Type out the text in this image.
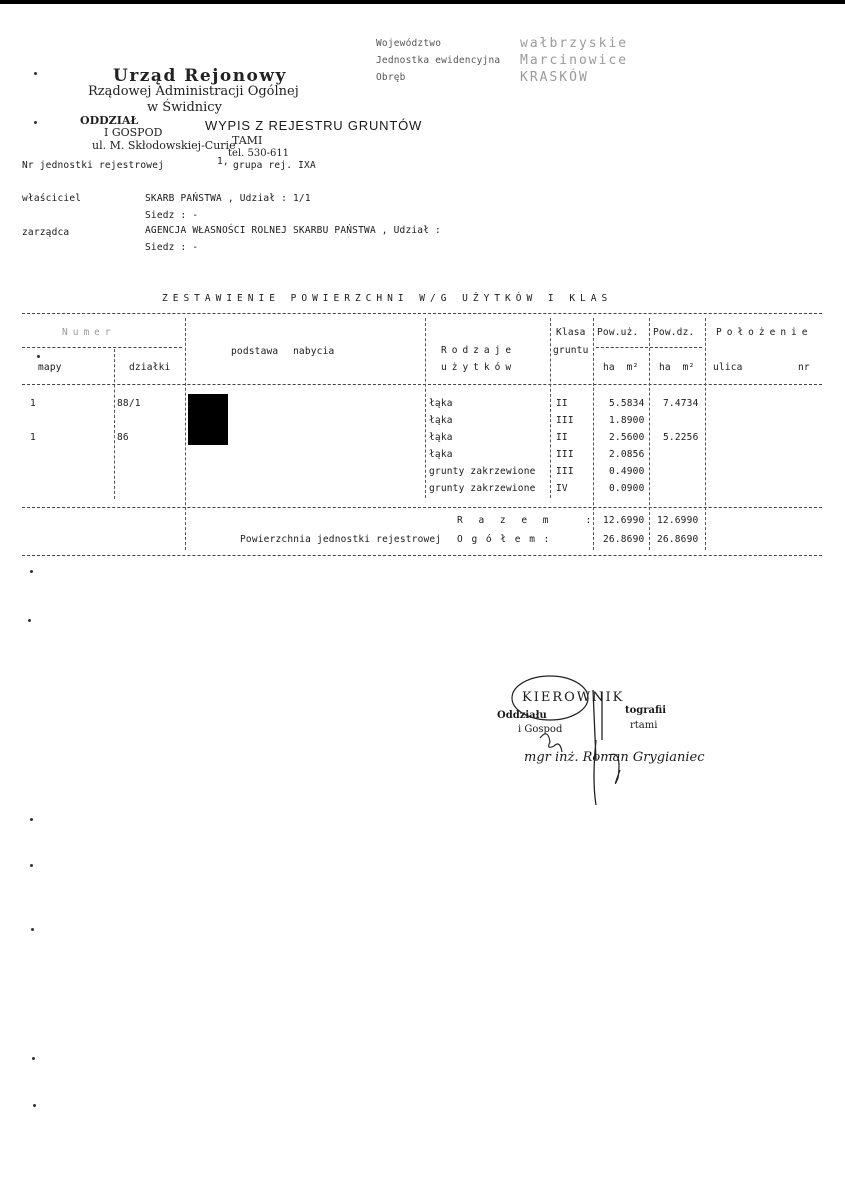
Województwo	wałbrzyskie
Jednostka ewidencyjna Marcinowice
Obręb	KRASKÓW
Urząd Rejonowy
Rządowej Administracji Ogólnej
w Świdnicy
ODDZIAŁ
I GOSPOD
TAMI
ul. M. Skłodowskiej-Curie
tel. 530-611
WYPIS Z REJESTRU GRUNTÓW
Nr jednostki rejestrowej	1, grupa rej. IXA
właściciel	SKARB PAŃSTWA , Udział : 1/1
Siedz : -
zarządca	AGENCJA WŁASNOŚCI ROLNEJ SKARBU PAŃSTWA , Udział :
Siedz : -
ZESTAWIENIE POWIERZCHNI W/G UŻYTKÓW I KLAS
Numer
mapy	działki
podstawa nabycia	Rodzaje
użytków
Klasa
gruntu
Pow.uż. Pow.dz.
ha  m² ha  m²
Położenie
ulica	nr
1	88/1	łąka	II	5.5834 7.4734
łąka	III	1.8900
1	86	łąka	II	2.5600 5.2256
łąka	III	2.0856
grunty zakrzewione III	0.4900
grunty zakrzewione IV	0.0900
R a z e m   : 12.6990 12.6990
Powierzchnia jednostki rejestrowej O g ó ł e m :	26.8690 26.8690
KIEROWNIK
Oddziału	tografii
i Gospod	rtami
mgr inż. Roman Grygianiec
